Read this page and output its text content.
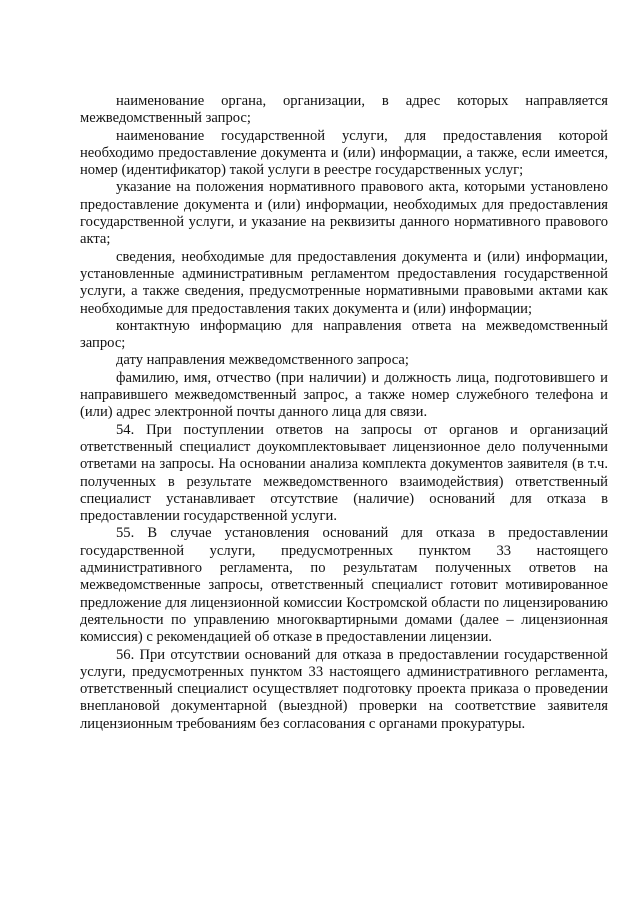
наименование органа, организации, в адрес которых направляется межведомственный запрос;

наименование государственной услуги, для предоставления которой необходимо предоставление документа и (или) информации, а также, если имеется, номер (идентификатор) такой услуги в реестре государственных услуг;

указание на положения нормативного правового акта, которыми установлено предоставление документа и (или) информации, необходимых для предоставления государственной услуги, и указание на реквизиты данного нормативного правового акта;

сведения, необходимые для предоставления документа и (или) информации, установленные административным регламентом предоставления государственной услуги, а также сведения, предусмотренные нормативными правовыми актами как необходимые для предоставления таких документа и (или) информации;

контактную информацию для направления ответа на межведомственный запрос;

дату направления межведомственного запроса;

фамилию, имя, отчество (при наличии) и должность лица, подготовившего и направившего межведомственный запрос, а также номер служебного телефона и (или) адрес электронной почты данного лица для связи.

54. При поступлении ответов на запросы от органов и организаций ответственный специалист доукомплектовывает лицензионное дело полученными ответами на запросы. На основании анализа комплекта документов заявителя (в т.ч. полученных в результате межведомственного взаимодействия) ответственный специалист устанавливает отсутствие (наличие) оснований для отказа в предоставлении государственной услуги.

55. В случае установления оснований для отказа в предоставлении государственной услуги, предусмотренных пунктом 33 настоящего административного регламента, по результатам полученных ответов на межведомственные запросы, ответственный специалист готовит мотивированное предложение для лицензионной комиссии Костромской области по лицензированию деятельности по управлению многоквартирными домами (далее – лицензионная комиссия) с рекомендацией об отказе в предоставлении лицензии.

56. При отсутствии оснований для отказа в предоставлении государственной услуги, предусмотренных пунктом 33 настоящего административного регламента, ответственный специалист осуществляет подготовку проекта приказа о проведении внеплановой документарной (выездной) проверки на соответствие заявителя лицензионным требованиям без согласования с органами прокуратуры.
